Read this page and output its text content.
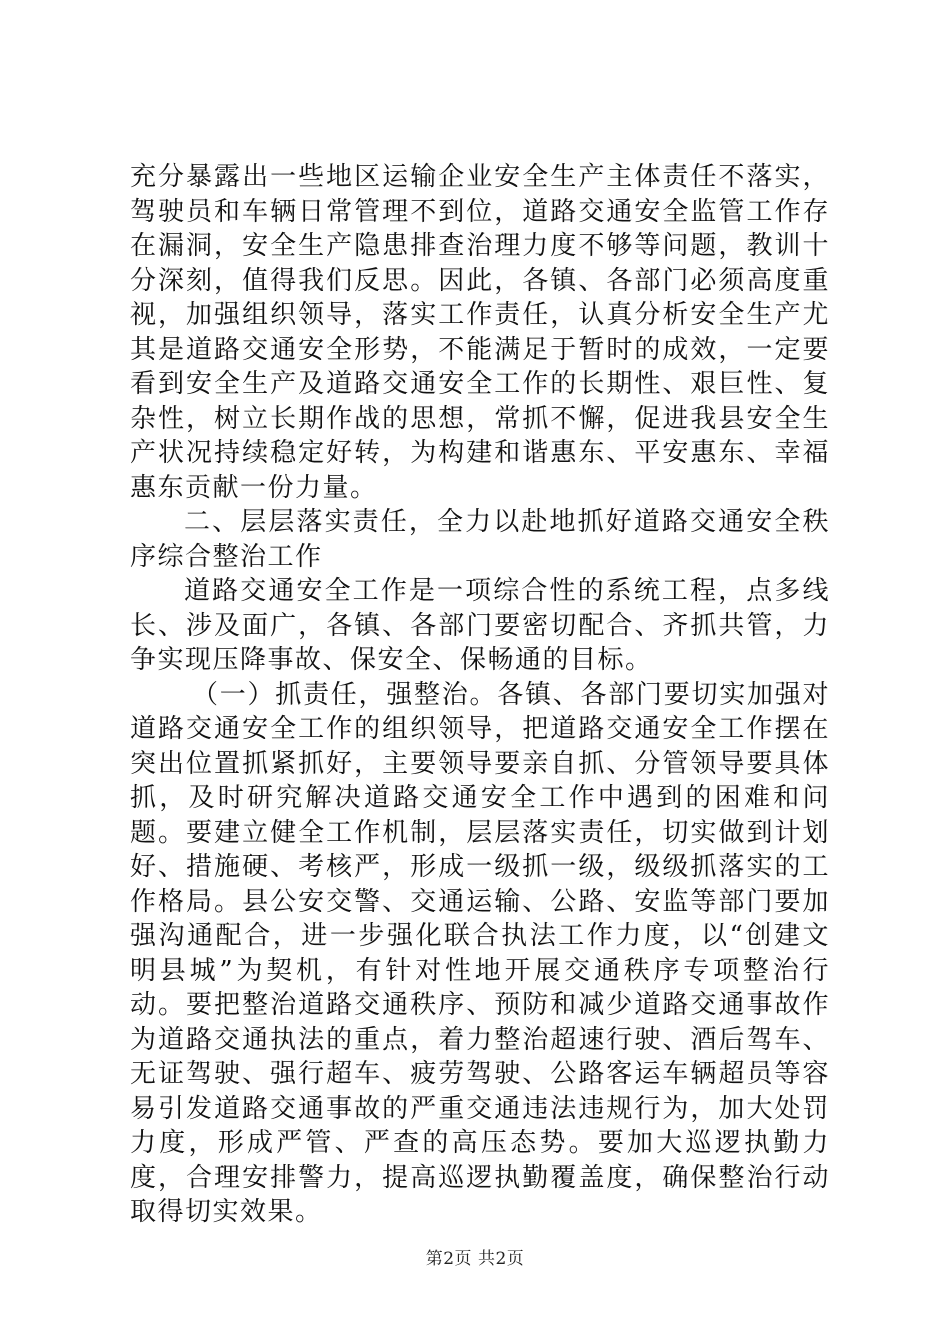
充分暴露出一些地区运输企业安全生产主体责任不落实，驾驶员和车辆日常管理不到位，道路交通安全监管工作存在漏洞，安全生产隐患排查治理力度不够等问题，教训十分深刻，值得我们反思。因此，各镇、各部门必须高度重视，加强组织领导，落实工作责任，认真分析安全生产尤其是道路交通安全形势，不能满足于暂时的成效，一定要看到安全生产及道路交通安全工作的长期性、艰巨性、复杂性，树立长期作战的思想，常抓不懈，促进我县安全生产状况持续稳定好转，为构建和谐惠东、平安惠东、幸福惠东贡献一份力量。

二、层层落实责任，全力以赴地抓好道路交通安全秩序综合整治工作

道路交通安全工作是一项综合性的系统工程，点多线长、涉及面广，各镇、各部门要密切配合、齐抓共管，力争实现压降事故、保安全、保畅通的目标。

（一）抓责任，强整治。各镇、各部门要切实加强对道路交通安全工作的组织领导，把道路交通安全工作摆在突出位置抓紧抓好，主要领导要亲自抓、分管领导要具体抓，及时研究解决道路交通安全工作中遇到的困难和问题。要建立健全工作机制，层层落实责任，切实做到计划好、措施硬、考核严，形成一级抓一级，级级抓落实的工作格局。县公安交警、交通运输、公路、安监等部门要加强沟通配合，进一步强化联合执法工作力度，以“创建文明县城”为契机，有针对性地开展交通秩序专项整治行动。要把整治道路交通秩序、预防和减少道路交通事故作为道路交通执法的重点，着力整治超速行驶、酒后驾车、无证驾驶、强行超车、疲劳驾驶、公路客运车辆超员等容易引发道路交通事故的严重交通违法违规行为，加大处罚力度，形成严管、严查的高压态势。要加大巡逻执勤力度，合理安排警力，提高巡逻执勤覆盖度，确保整治行动取得切实效果。

第2页 共2页
